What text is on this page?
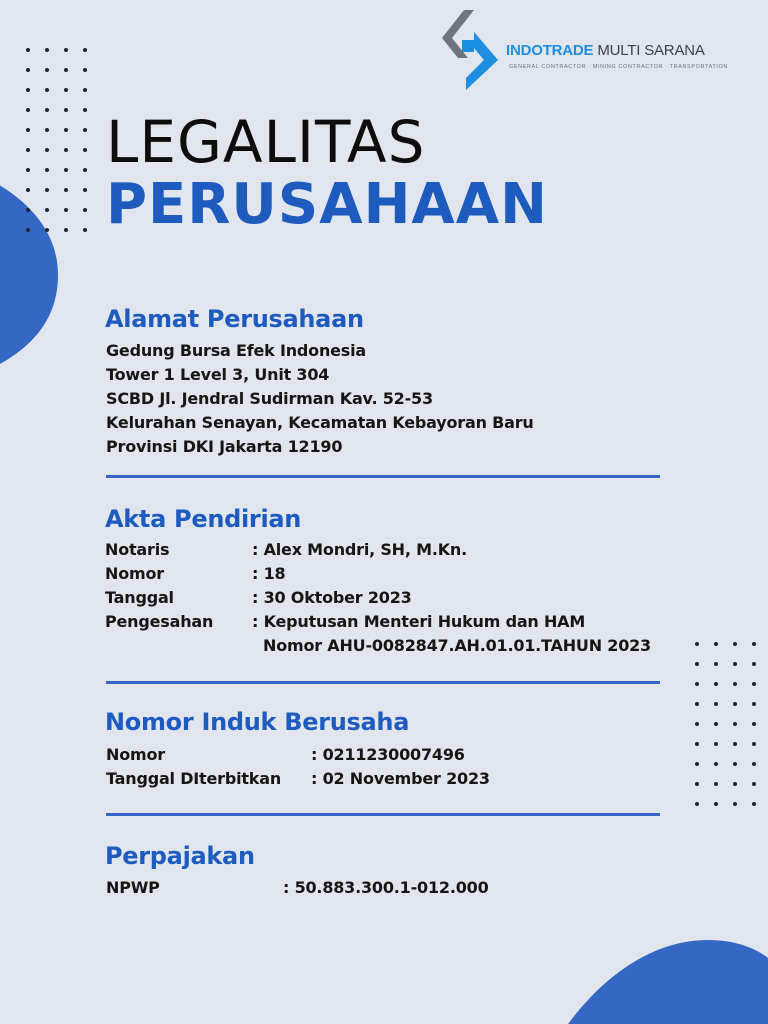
INDOTRADE MULTI SARANA
GENERAL CONTRACTOR · MINING CONTRACTOR · TRANSPORTATION
LEGALITAS
PERUSAHAAN
Alamat Perusahaan
Gedung Bursa Efek Indonesia
Tower 1 Level 3, Unit 304
SCBD Jl. Jendral Sudirman Kav. 52-53
Kelurahan Senayan, Kecamatan Kebayoran Baru
Provinsi DKI Jakarta 12190
Akta Pendirian
Notaris	: Alex Mondri, SH, M.Kn.
Nomor	: 18
Tanggal	: 30 Oktober 2023
Pengesahan : Keputusan Menteri Hukum dan HAM
Nomor AHU-0082847.AH.01.01.TAHUN 2023
Nomor Induk Berusaha
Nomor	: 0211230007496
Tanggal DIterbitkan : 02 November 2023
Perpajakan
NPWP	: 50.883.300.1-012.000
